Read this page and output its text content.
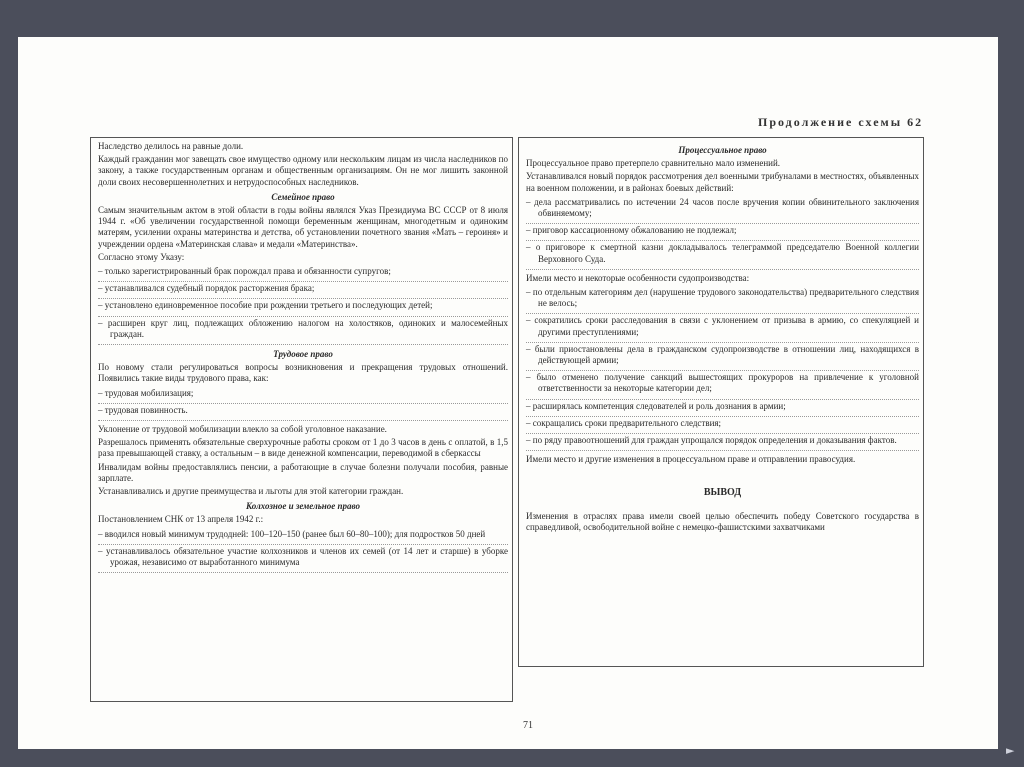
Продолжение схемы 62

Наследство делилось на равные доли.

Каждый гражданин мог завещать свое имущество одному или нескольким лицам из числа наследников по закону, а также государственным органам и общественным организациям. Он не мог лишить законной доли своих несовершеннолетних и нетрудоспособных наследников.

Семейное право

Самым значительным актом в этой области в годы войны являлся Указ Президиума ВС СССР от 8 июля 1944 г. «Об увеличении государственной помощи беременным женщинам, многодетным и одиноким матерям, усилении охраны материнства и детства, об установлении почетного звания «Мать – героиня» и учреждении ордена «Материнская слава» и медали «Материнства».

Согласно этому Указу:

– только зарегистрированный брак порождал права и обязанности супругов;
– устанавливался судебный порядок расторжения брака;
– установлено единовременное пособие при рождении третьего и последующих детей;
– расширен круг лиц, подлежащих обложению налогом на холостяков, одиноких и малосемейных граждан.
Трудовое право

По новому стали регулироваться вопросы возникновения и прекращения трудовых отношений. Появились такие виды трудового права, как:

– трудовая мобилизация;
– трудовая повинность.

Уклонение от трудовой мобилизации влекло за собой уголовное наказание.

Разрешалось применять обязательные сверхурочные работы сроком от 1 до 3 часов в день с оплатой, в 1,5 раза превышающей ставку, а остальным – в виде денежной компенсации, переводимой в сберкассы

Инвалидам войны предоставлялись пенсии, а работающие в случае болезни получали пособия, равные зарплате.

Устанавливались и другие преимущества и льготы для этой категории граждан.

Колхозное и земельное право

Постановлением СНК от 13 апреля 1942 г.:

– вводился новый минимум трудодней: 100–120–150 (ранее был 60–80–100); для подростков 50 дней
– устанавливалось обязательное участие колхозников и членов их семей (от 14 лет и старше) в уборке урожая, независимо от выработанного минимума
Процессуальное право

Процессуальное право претерпело сравнительно мало изменений.

Устанавливался новый порядок рассмотрения дел военными трибуналами в местностях, объявленных на военном положении, и в районах боевых действий:

– дела рассматривались по истечении 24 часов после вручения копии обвинительного заключения обвиняемому;
– приговор кассационному обжалованию не подлежал;
– о приговоре к смертной казни докладывалось телеграммой председателю Военной коллегии Верховного Суда.

Имели место и некоторые особенности судопроизводства:

– по отдельным категориям дел (нарушение трудового законодательства) предварительного следствия не велось;
– сократились сроки расследования в связи с уклонением от призыва в армию, со спекуляцией и другими преступлениями;
– были приостановлены дела в гражданском судопроизводстве в отношении лиц, находящихся в действующей армии;
– было отменено получение санкций вышестоящих прокуроров на привлечение к уголовной ответственности за некоторые категории дел;
– расширялась компетенция следователей и роль дознания в армии;
– сокращались сроки предварительного следствия;
– по ряду правоотношений для граждан упрощался порядок определения и доказывания фактов.

Имели место и другие изменения в процессуальном праве и отправлении правосудия.

ВЫВОД

Изменения в отраслях права имели своей целью обеспечить победу Советского государства в справедливой, освободительной войне с немецко-фашистскими захватчиками

71
►
